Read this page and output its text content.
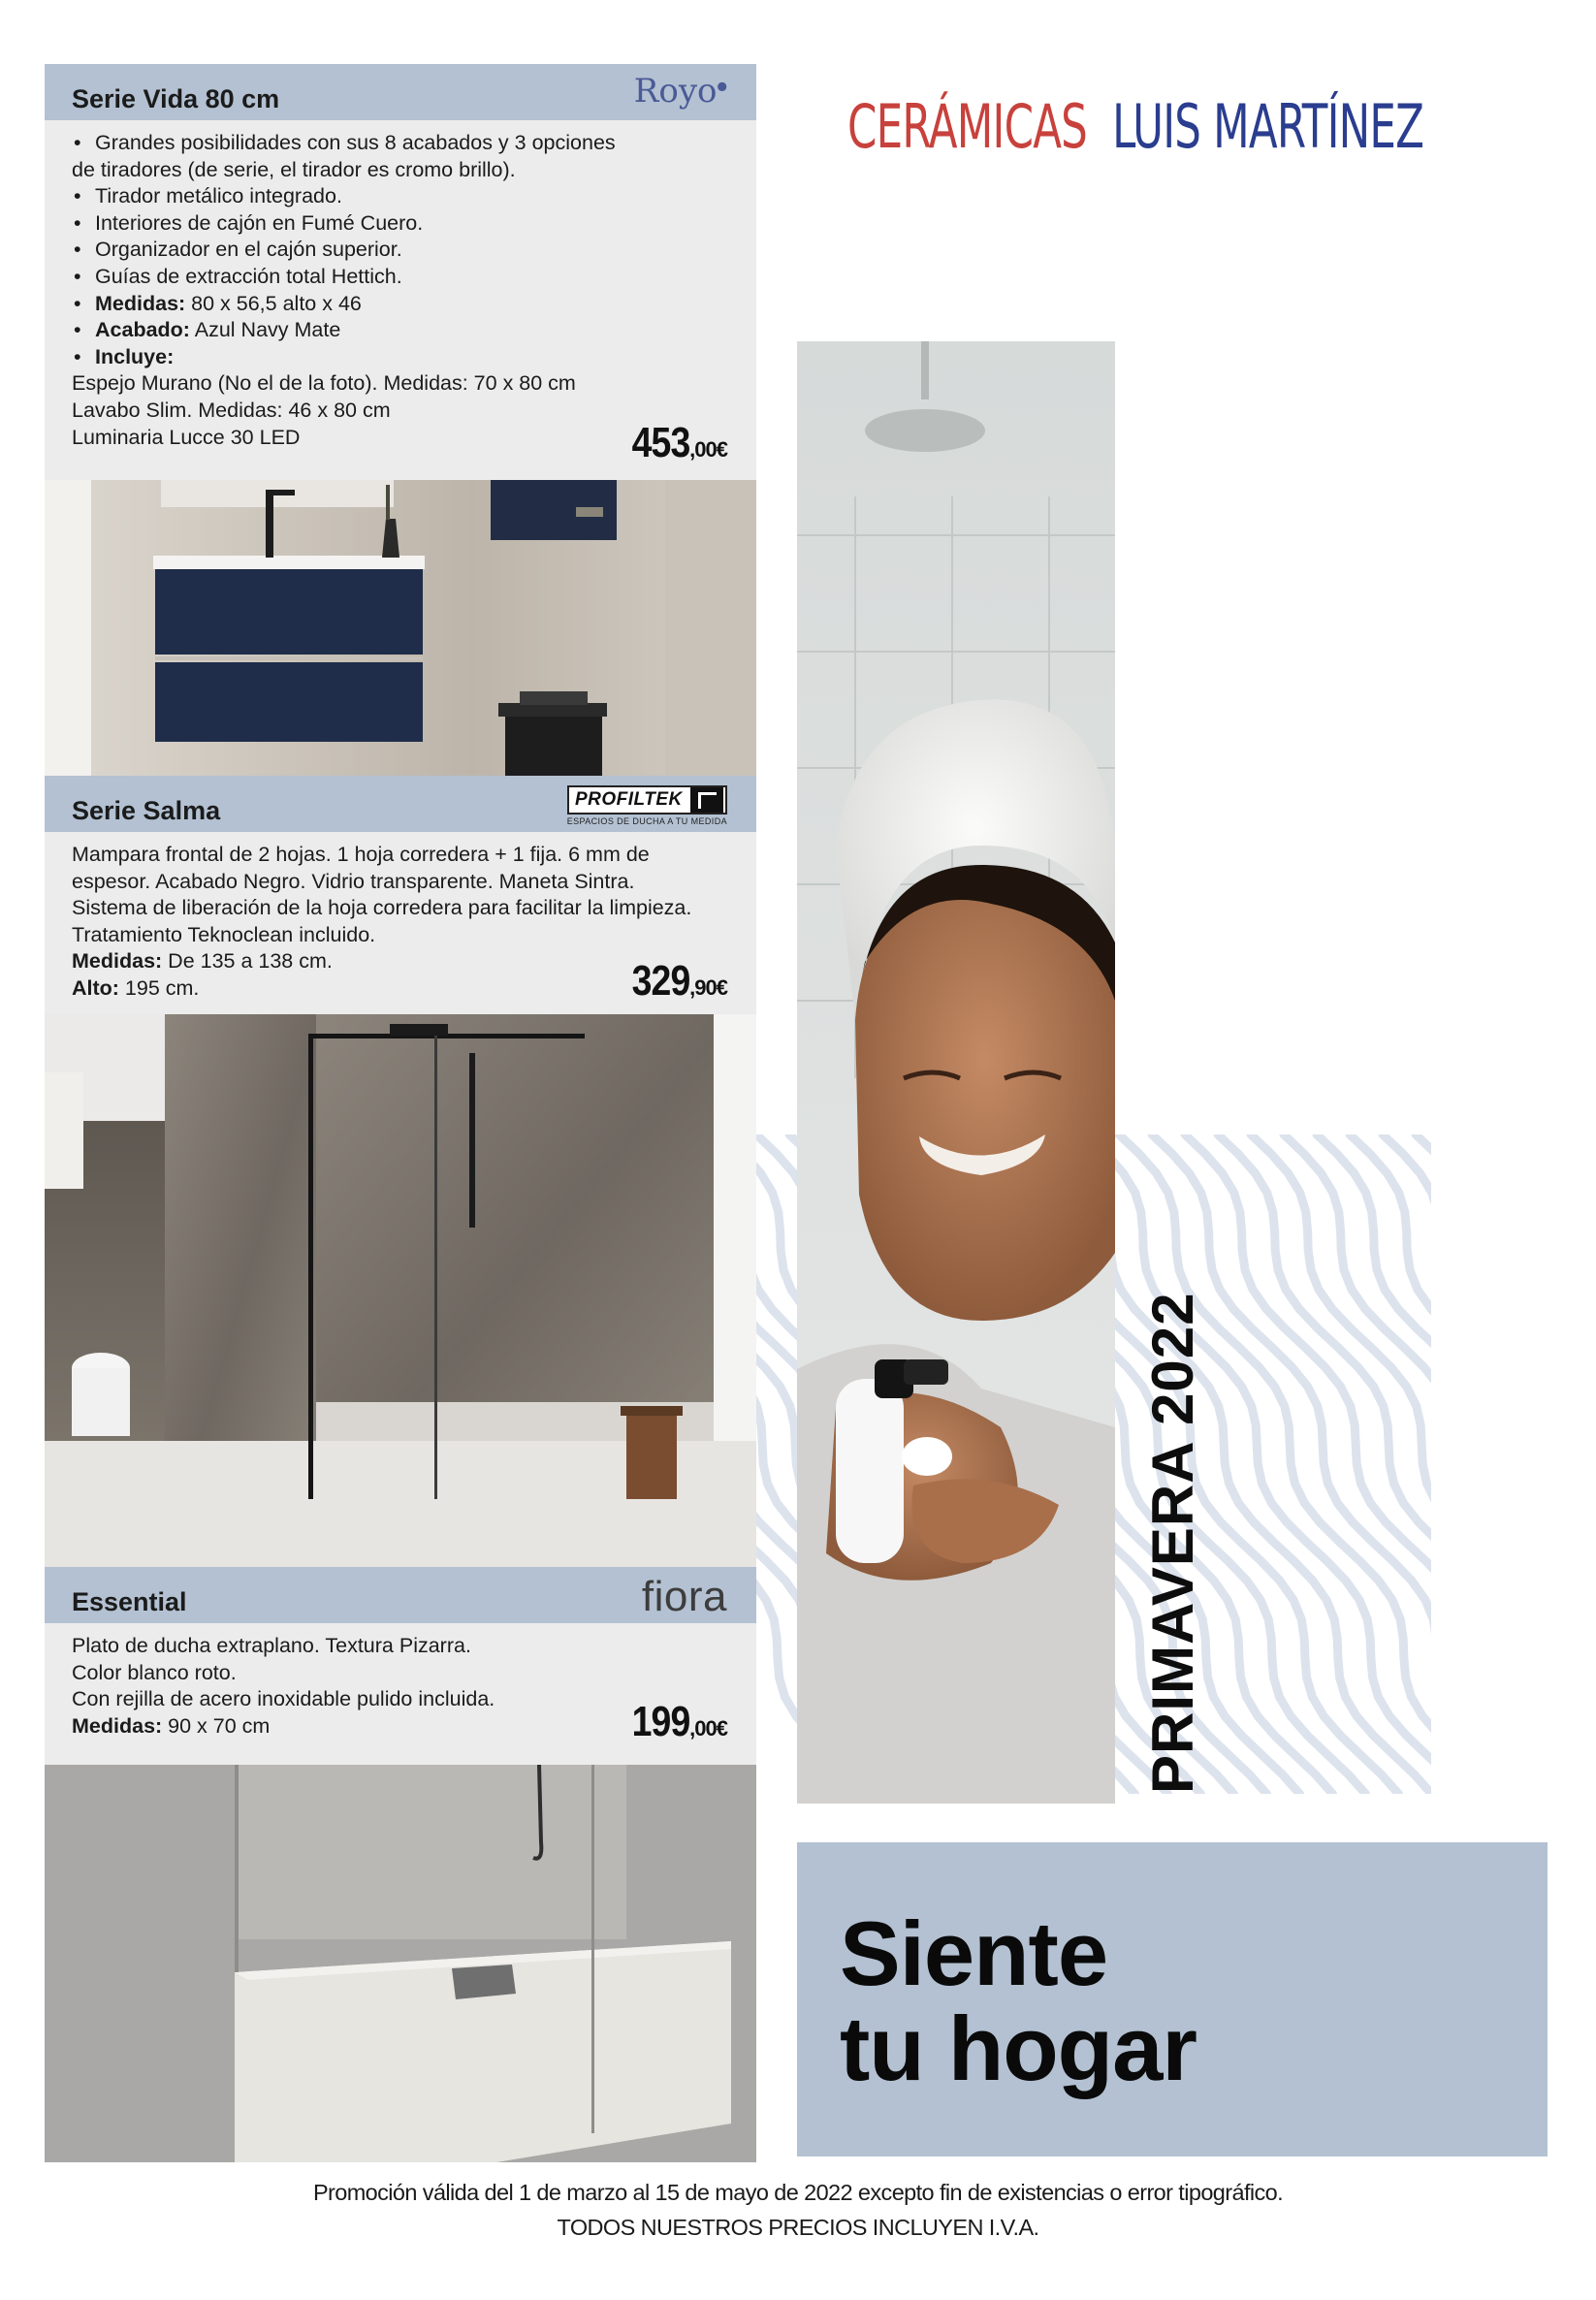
Serie Vida 80 cm	Royo●
• Grandes posibilidades con sus 8 acabados y 3 opciones
de tiradores (de serie, el tirador es cromo brillo).
• Tirador metálico integrado.
• Interiores de cajón en Fumé Cuero.
• Organizador en el cajón superior.
• Guías de extracción total Hettich.
• Medidas: 80 x 56,5 alto x 46
• Acabado: Azul Navy Mate
• Incluye:
Espejo Murano (No el de la foto). Medidas: 70 x 80 cm
Lavabo Slim. Medidas: 46 x 80 cm
Luminaria Lucce 30 LED	453,00€
Serie Salma	PROFILTEK
ESPACIOS DE DUCHA A TU MEDIDA
Mampara frontal de 2 hojas. 1 hoja corredera + 1 fija. 6 mm de
espesor. Acabado Negro. Vidrio transparente. Maneta Sintra.
Sistema de liberación de la hoja corredera para facilitar la limpieza.
Tratamiento Teknoclean incluido.
Medidas: De 135 a 138 cm.
Alto: 195 cm.	329,90€
Essential	fiora
Plato de ducha extraplano. Textura Pizarra.
Color blanco roto.
Con rejilla de acero inoxidable pulido incluida.
Medidas: 90 x 70 cm	199,00€
CERÁMICAS LUIS MARTÍNEZ
PRIMAVERA 2022
Siente
tu hogar
Promoción válida del 1 de marzo al 15 de mayo de 2022 excepto fin de existencias o error tipográfico.
TODOS NUESTROS PRECIOS INCLUYEN I.V.A.
